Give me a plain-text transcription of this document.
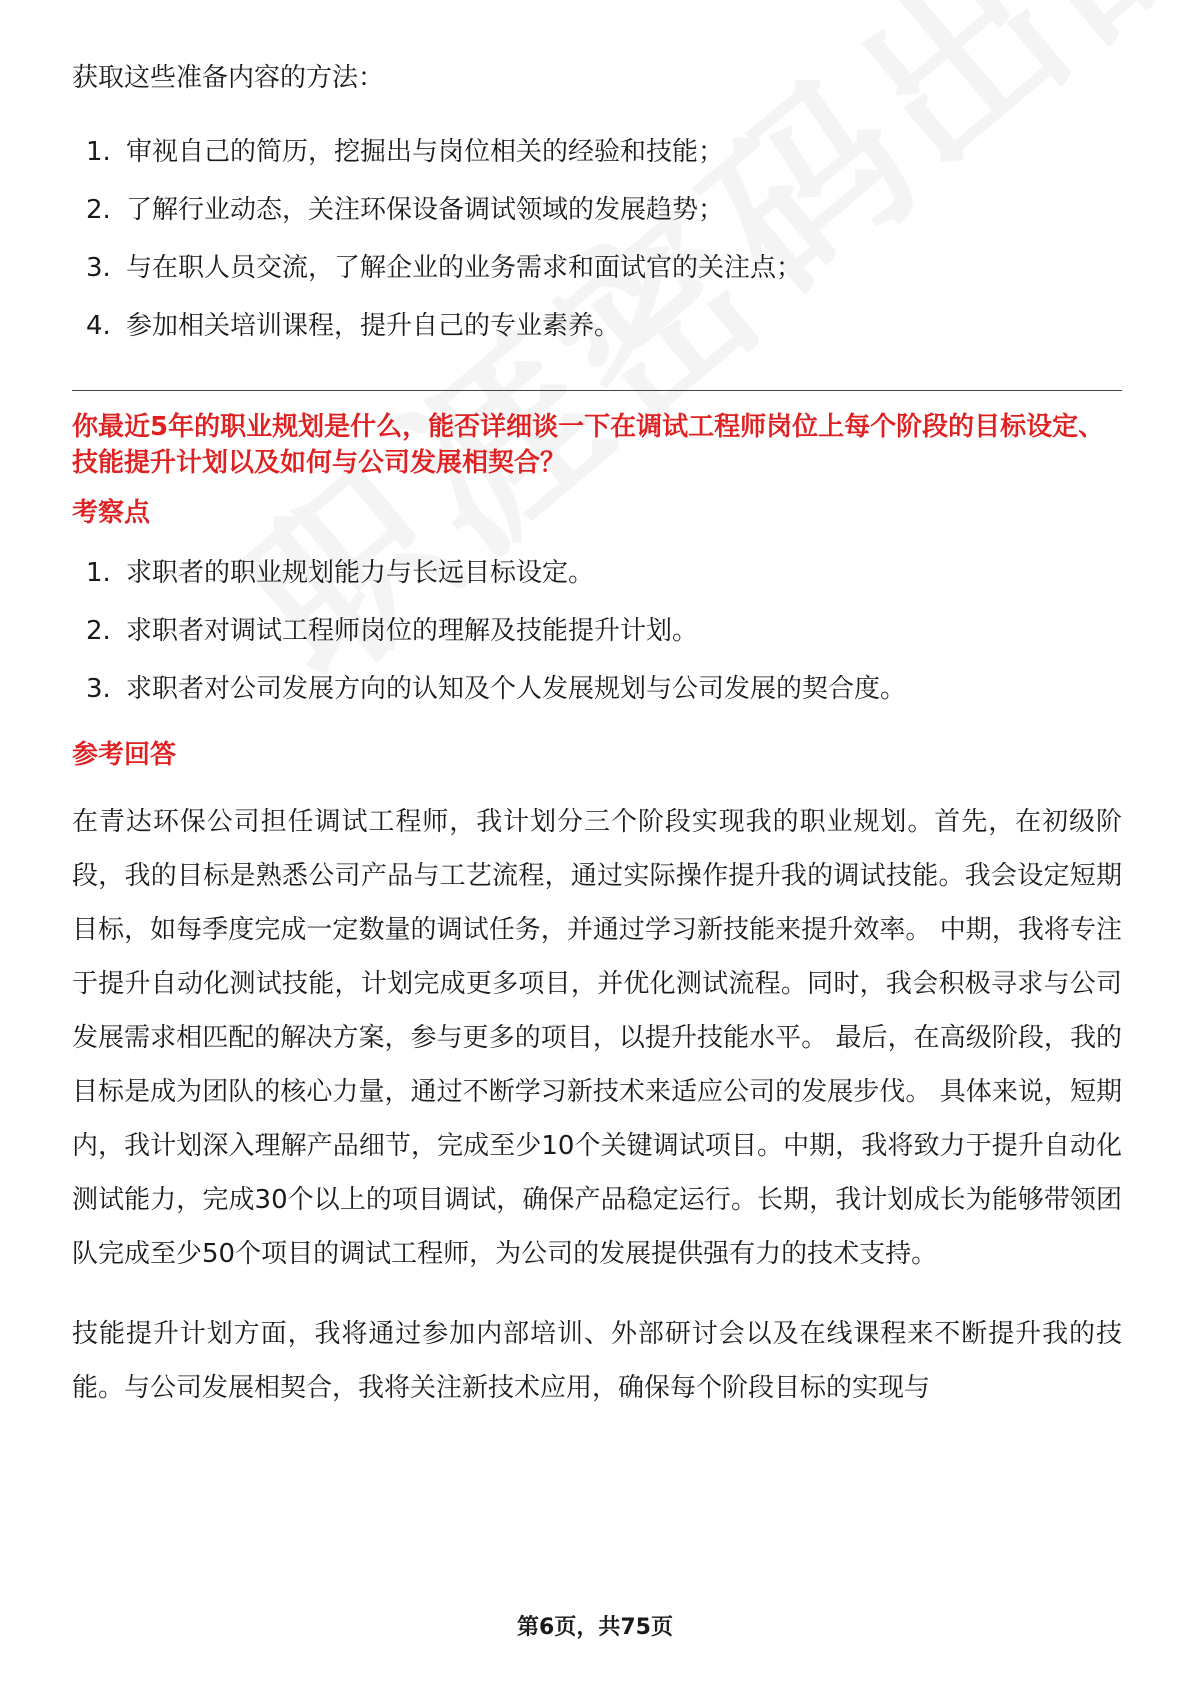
获取这些准备内容的方法：

1. 审视自己的简历，挖掘出与岗位相关的经验和技能；
2. 了解行业动态，关注环保设备调试领域的发展趋势；
3. 与在职人员交流，了解企业的业务需求和面试官的关注点；
4. 参加相关培训课程，提升自己的专业素养。

你最近5年的职业规划是什么，能否详细谈一下在调试工程师岗位上每个阶段的目标设定、技能提升计划以及如何与公司发展相契合？

考察点
1. 求职者的职业规划能力与长远目标设定。
2. 求职者对调试工程师岗位的理解及技能提升计划。
3. 求职者对公司发展方向的认知及个人发展规划与公司发展的契合度。
参考回答

在青达环保公司担任调试工程师，我计划分三个阶段实现我的职业规划。首先，在初级阶段，我的目标是熟悉公司产品与工艺流程，通过实际操作提升我的调试技能。我会设定短期目标，如每季度完成一定数量的调试任务，并通过学习新技能来提升效率。 中期，我将专注于提升自动化测试技能，计划完成更多项目，并优化测试流程。同时，我会积极寻求与公司发展需求相匹配的解决方案，参与更多的项目，以提升技能水平。 最后，在高级阶段，我的目标是成为团队的核心力量，通过不断学习新技术来适应公司的发展步伐。 具体来说，短期内，我计划深入理解产品细节，完成至少10个关键调试项目。中期，我将致力于提升自动化测试能力，完成30个以上的项目调试，确保产品稳定运行。长期，我计划成长为能够带领团队完成至少50个项目的调试工程师，为公司的发展提供强有力的技术支持。

技能提升计划方面，我将通过参加内部培训、外部研讨会以及在线课程来不断提升我的技能。与公司发展相契合，我将关注新技术应用，确保每个阶段目标的实现与

第6页，共75页
